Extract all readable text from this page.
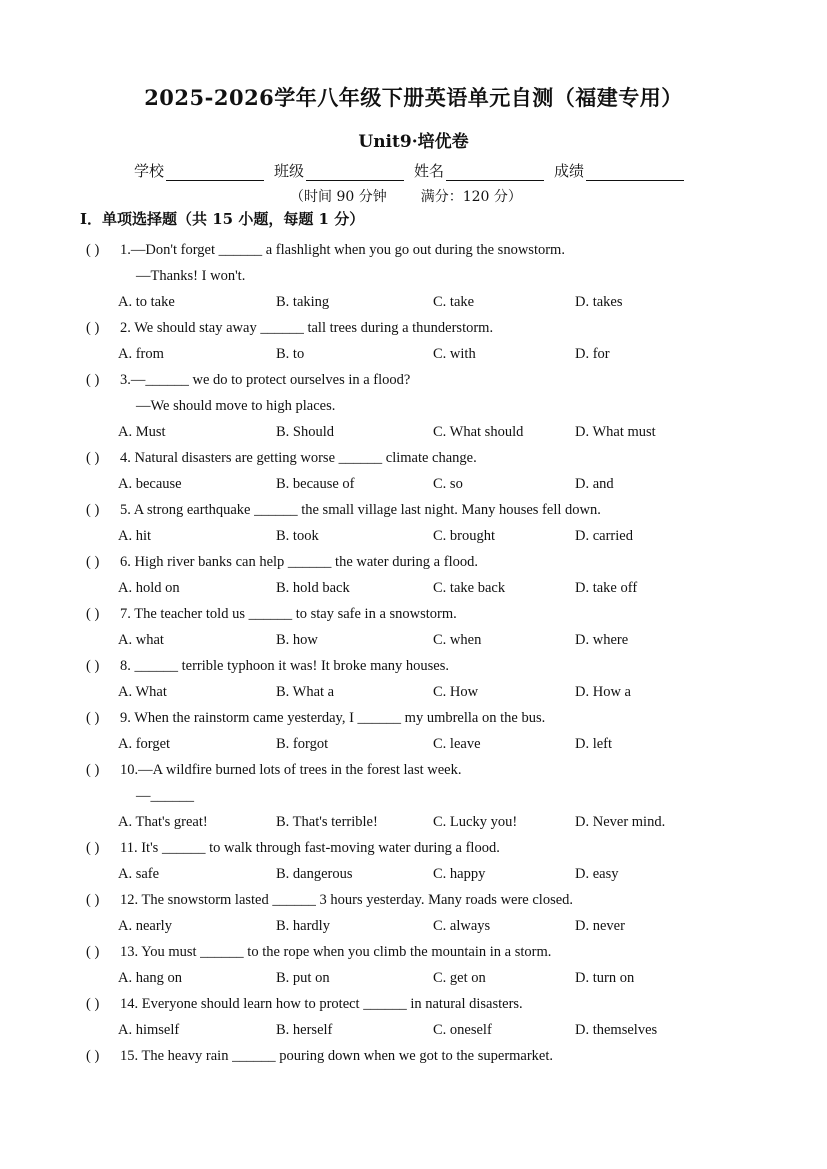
2025-2026学年八年级下册英语单元自测（福建专用）
Unit9·培优卷
学校	班级	姓名	成绩
（时间 90 分钟 满分：120 分）
I．单项选择题（共 15 小题，每题 1 分）
( ) 1.—Don't forget ______ a flashlight when you go out during the snowstorm.
—Thanks! I won't.
A. to take	B. taking	C. take	D. takes
( ) 2. We should stay away ______ tall trees during a thunderstorm.
A. from	B. to	C. with	D. for
( ) 3.—______ we do to protect ourselves in a flood?
—We should move to high places.
A. Must	B. Should	C. What should	D. What must
( ) 4. Natural disasters are getting worse ______ climate change.
A. because	B. because of	C. so	D. and
( ) 5. A strong earthquake ______ the small village last night. Many houses fell down.
A. hit	B. took	C. brought	D. carried
( ) 6. High river banks can help ______ the water during a flood.
A. hold on	B. hold back	C. take back	D. take off
( ) 7. The teacher told us ______ to stay safe in a snowstorm.
A. what	B. how	C. when	D. where
( ) 8. ______ terrible typhoon it was! It broke many houses.
A. What	B. What a	C. How	D. How a
( ) 9. When the rainstorm came yesterday, I ______ my umbrella on the bus.
A. forget	B. forgot	C. leave	D. left
( ) 10.—A wildfire burned lots of trees in the forest last week.
—______
A. That's great!	B. That's terrible!	C. Lucky you!	D. Never mind.
( ) 11. It's ______ to walk through fast-moving water during a flood.
A. safe	B. dangerous	C. happy	D. easy
( ) 12. The snowstorm lasted ______ 3 hours yesterday. Many roads were closed.
A. nearly	B. hardly	C. always	D. never
( ) 13. You must ______ to the rope when you climb the mountain in a storm.
A. hang on	B. put on	C. get on	D. turn on
( ) 14. Everyone should learn how to protect ______ in natural disasters.
A. himself	B. herself	C. oneself	D. themselves
( ) 15. The heavy rain ______ pouring down when we got to the supermarket.
